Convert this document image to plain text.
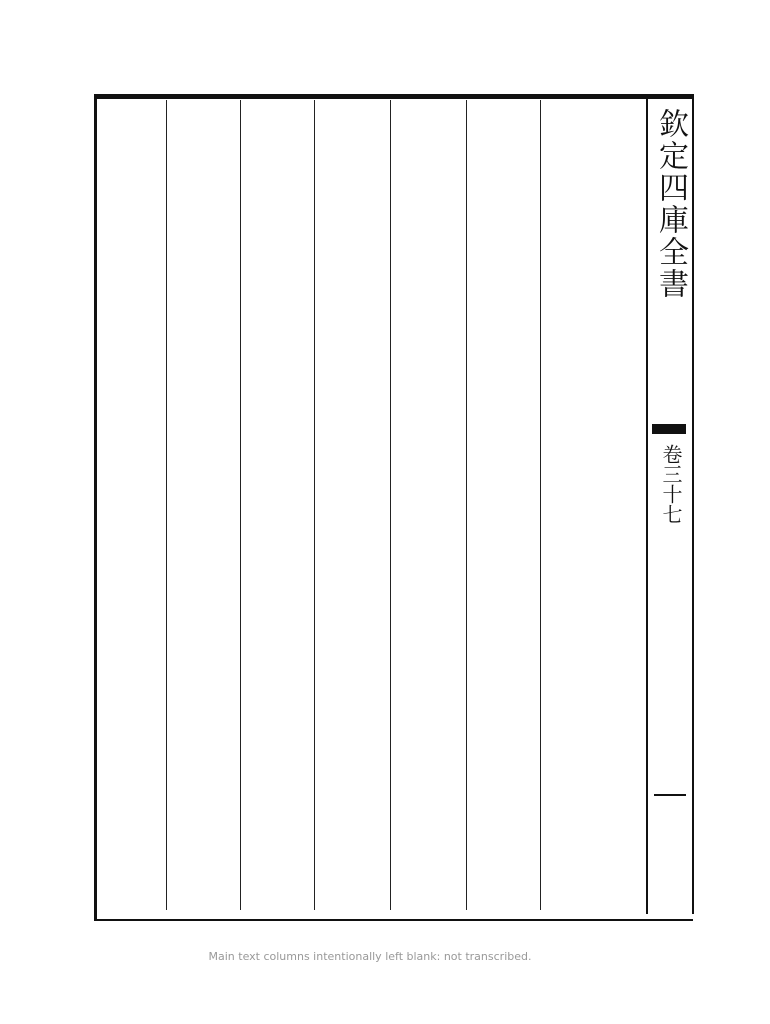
欽定四庫全書
卷三十七
Main text columns intentionally left blank: not transcribed.
